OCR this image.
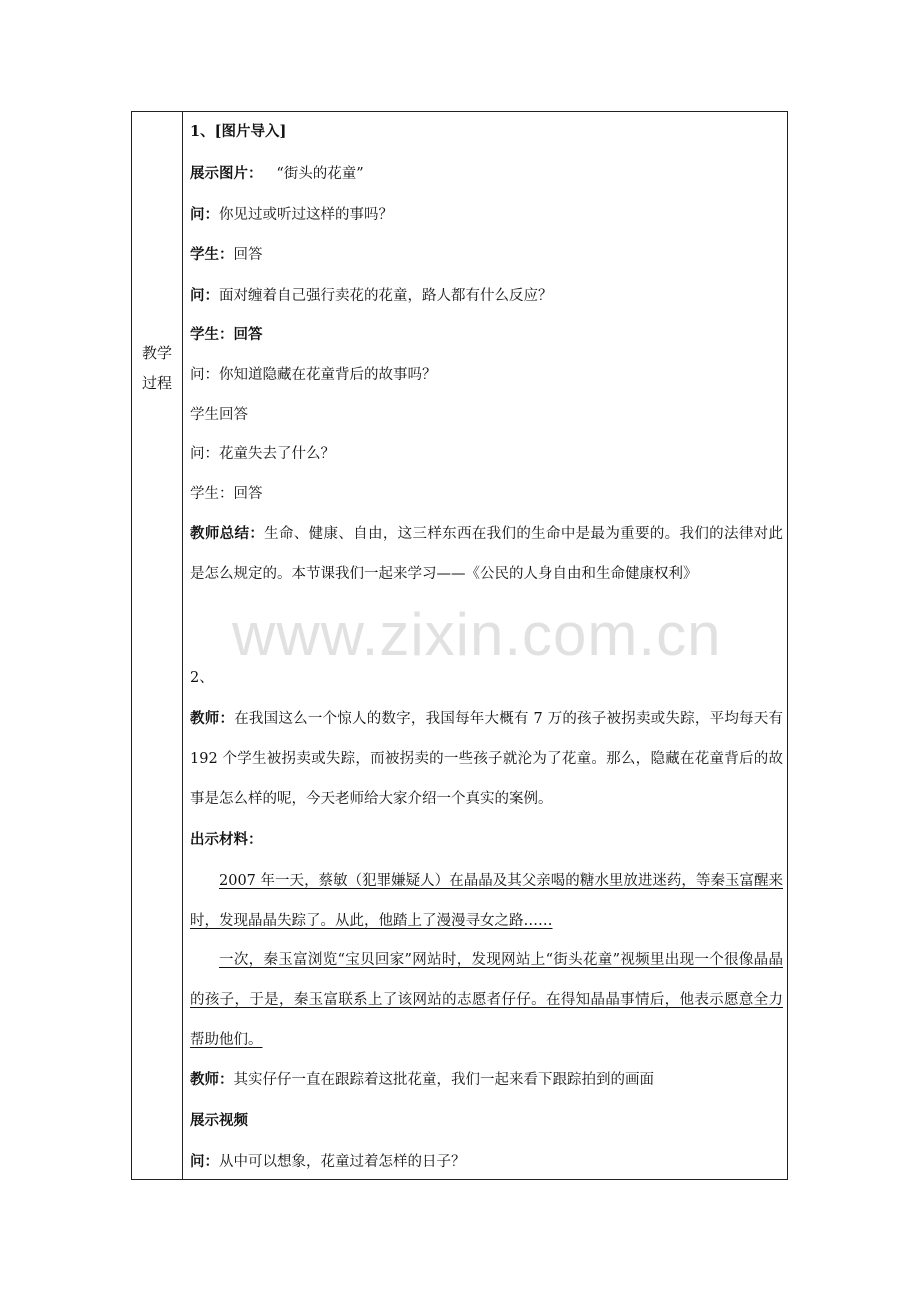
教学
过程
1、[图片导入]
展示图片： “街头的花童”
问：你见过或听过这样的事吗？
学生：回答
问：面对缠着自己强行卖花的花童，路人都有什么反应？
学生：回答
问：你知道隐藏在花童背后的故事吗？
学生回答
问：花童失去了什么？
学生：回答
教师总结：生命、健康、自由，这三样东西在我们的生命中是最为重要的。我们的法律对此是怎么规定的。本节课我们一起来学习——《公民的人身自由和生命健康权利》
2、
教师：在我国这么一个惊人的数字，我国每年大概有 7 万的孩子被拐卖或失踪，平均每天有 192 个学生被拐卖或失踪，而被拐卖的一些孩子就沦为了花童。那么，隐藏在花童背后的故事是怎么样的呢，今天老师给大家介绍一个真实的案例。
出示材料：
2007 年一天，蔡敏（犯罪嫌疑人）在晶晶及其父亲喝的糖水里放进迷药，等秦玉富醒来时，发现晶晶失踪了。从此，他踏上了漫漫寻女之路……
一次，秦玉富浏览“宝贝回家”网站时，发现网站上“街头花童”视频里出现一个很像晶晶的孩子，于是，秦玉富联系上了该网站的志愿者仔仔。在得知晶晶事情后，他表示愿意全力帮助他们。
教师：其实仔仔一直在跟踪着这批花童，我们一起来看下跟踪拍到的画面
展示视频
问：从中可以想象，花童过着怎样的日子？
www.zixin.com.cn
